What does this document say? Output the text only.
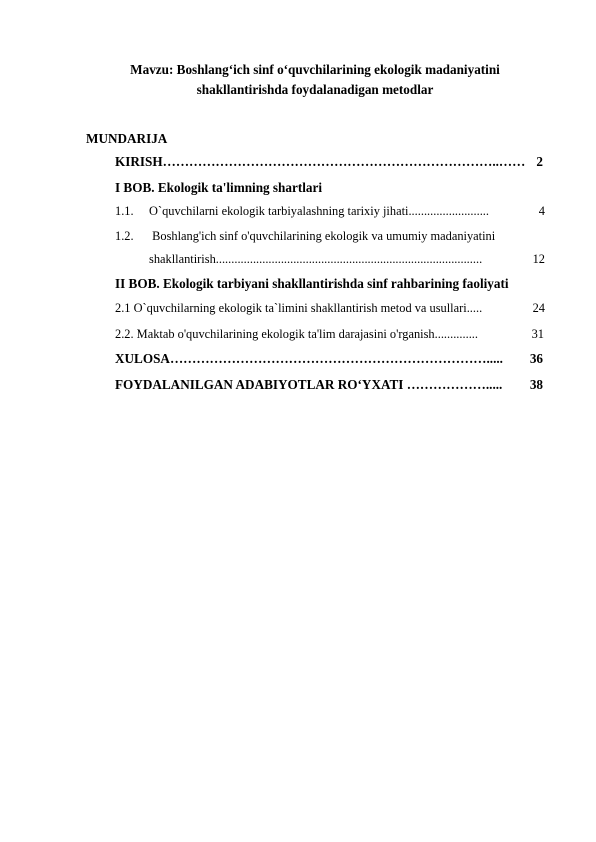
Mavzu: Boshlang‘ich sinf o‘quvchilarining ekologik madaniyatini
shakllantirishda foydalanadigan metodlar
MUNDARIJA
KIRISH …………………………………………………………………..…… 2
I BOB. Ekologik ta'limning shartlari
1.1.	O`quvchilarni ekologik tarbiyalashning tarixiy jihati ..........................	4
1.2. Boshlang'ich sinf o'quvchilarining ekologik va umumiy madaniyatini
shakllantirish ......................................................................................	12
II BOB. Ekologik tarbiyani shakllantirishda sinf rahbarining faoliyati
2.1 O`quvchilarning ekologik ta`limini shakllantirish metod va usullari .....	24
2.2. Maktab o'quvchilarining ekologik ta'lim darajasini o'rganish ..............	31
XULOSA ……………………………………………………………….....	36
FOYDALANILGAN ADABIYOTLAR RO‘YXATI ……………….....	38
